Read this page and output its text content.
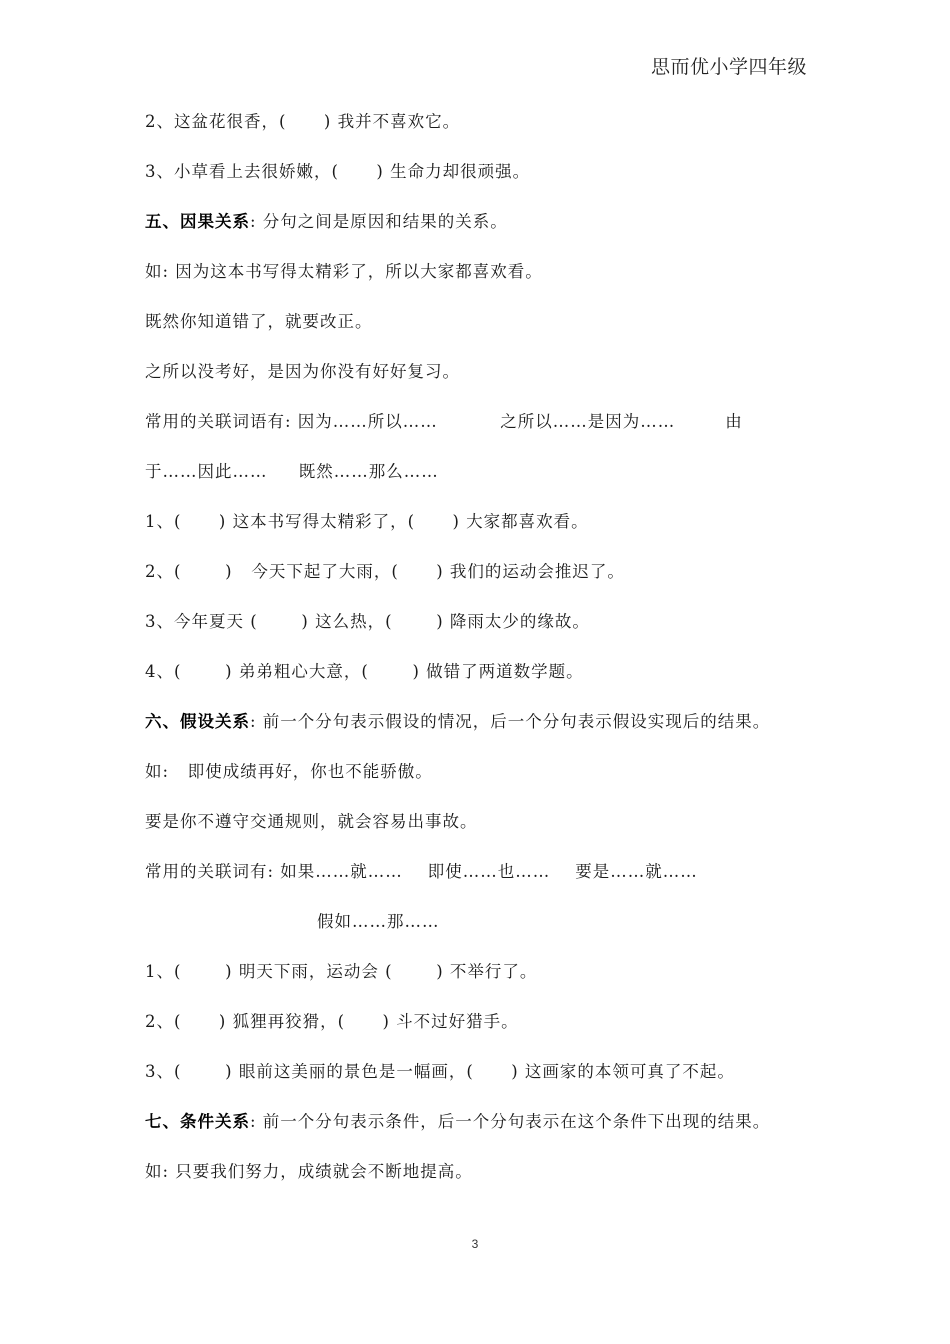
思而优小学四年级
2、这盆花很香，(      ) 我并不喜欢它。
3、小草看上去很娇嫩，(      ) 生命力却很顽强。
五、因果关系: 分句之间是原因和结果的关系。
如: 因为这本书写得太精彩了，所以大家都喜欢看。
既然你知道错了，就要改正。
之所以没考好，是因为你没有好好复习。
常用的关联词语有: 因为……所以……          之所以……是因为……        由
于……因此……     既然……那么……
1、(      ) 这本书写得太精彩了，(      ) 大家都喜欢看。
2、(       )   今天下起了大雨，(      ) 我们的运动会推迟了。
3、今年夏天 (       ) 这么热，(       ) 降雨太少的缘故。
4、(       ) 弟弟粗心大意，(       ) 做错了两道数学题。
六、假设关系: 前一个分句表示假设的情况，后一个分句表示假设实现后的结果。
如:   即使成绩再好，你也不能骄傲。
要是你不遵守交通规则，就会容易出事故。
常用的关联词有: 如果……就……    即使……也……    要是……就……
假如……那……
1、(       ) 明天下雨，运动会 (       ) 不举行了。
2、(      ) 狐狸再狡猾，(      ) 斗不过好猎手。
3、(       ) 眼前这美丽的景色是一幅画，(      ) 这画家的本领可真了不起。
七、条件关系: 前一个分句表示条件，后一个分句表示在这个条件下出现的结果。
如: 只要我们努力，成绩就会不断地提高。
3
